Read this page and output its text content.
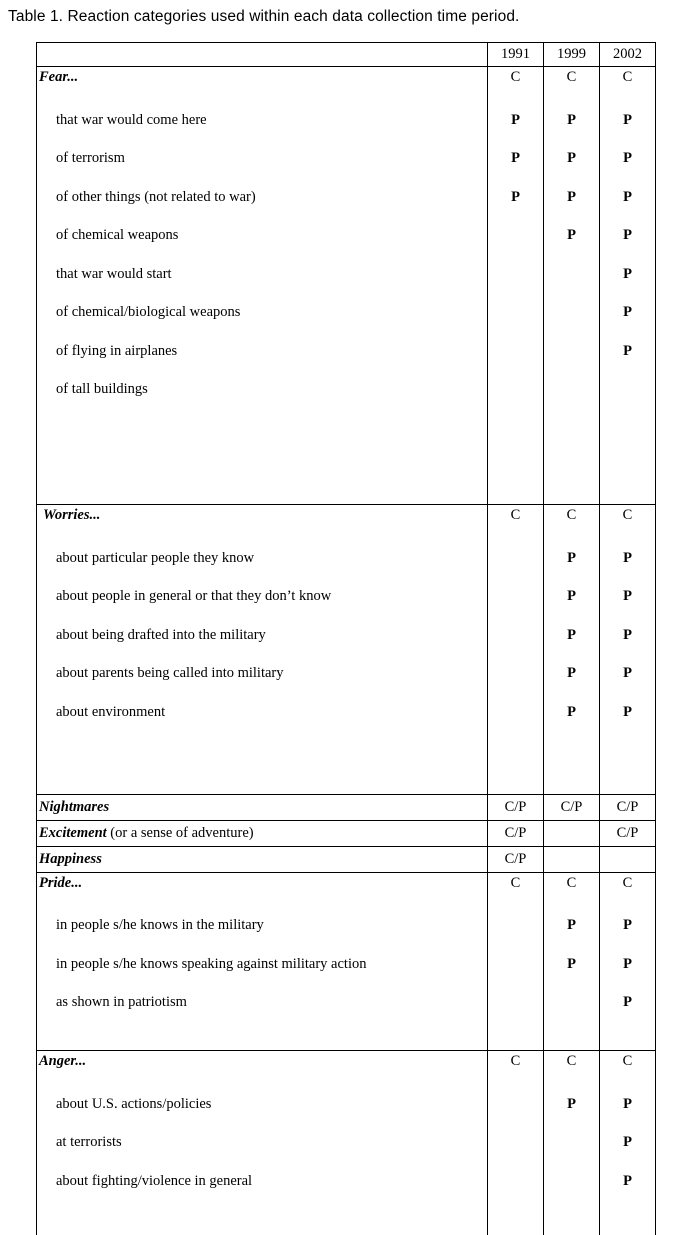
Table 1. Reaction categories used within each data collection time period.
	1991	1999	2002
Fear...	C	C	C
that war would come here	P	P	P
of terrorism	P	P	P
of other things (not related to war)	P	P	P
of chemical weapons		P	P
that war would start			P
of chemical/biological weapons			P
of flying in airplanes			P
of tall buildings			

Worries...	C	C	C
about particular people they know		P	P
about people in general or that they don’t know		P	P
about being drafted into the military		P	P
about parents being called into military		P	P
about environment		P	P

Nightmares	C/P	C/P	C/P
Excitement (or a sense of adventure)	C/P		C/P
Happiness	C/P		
Pride...	C	C	C
in people s/he knows in the military		P	P
in people s/he knows speaking against military action		P	P
as shown in patriotism			P

Anger...	C	C	C
about U.S. actions/policies		P	P
at terrorists			P
about fighting/violence in general			P
